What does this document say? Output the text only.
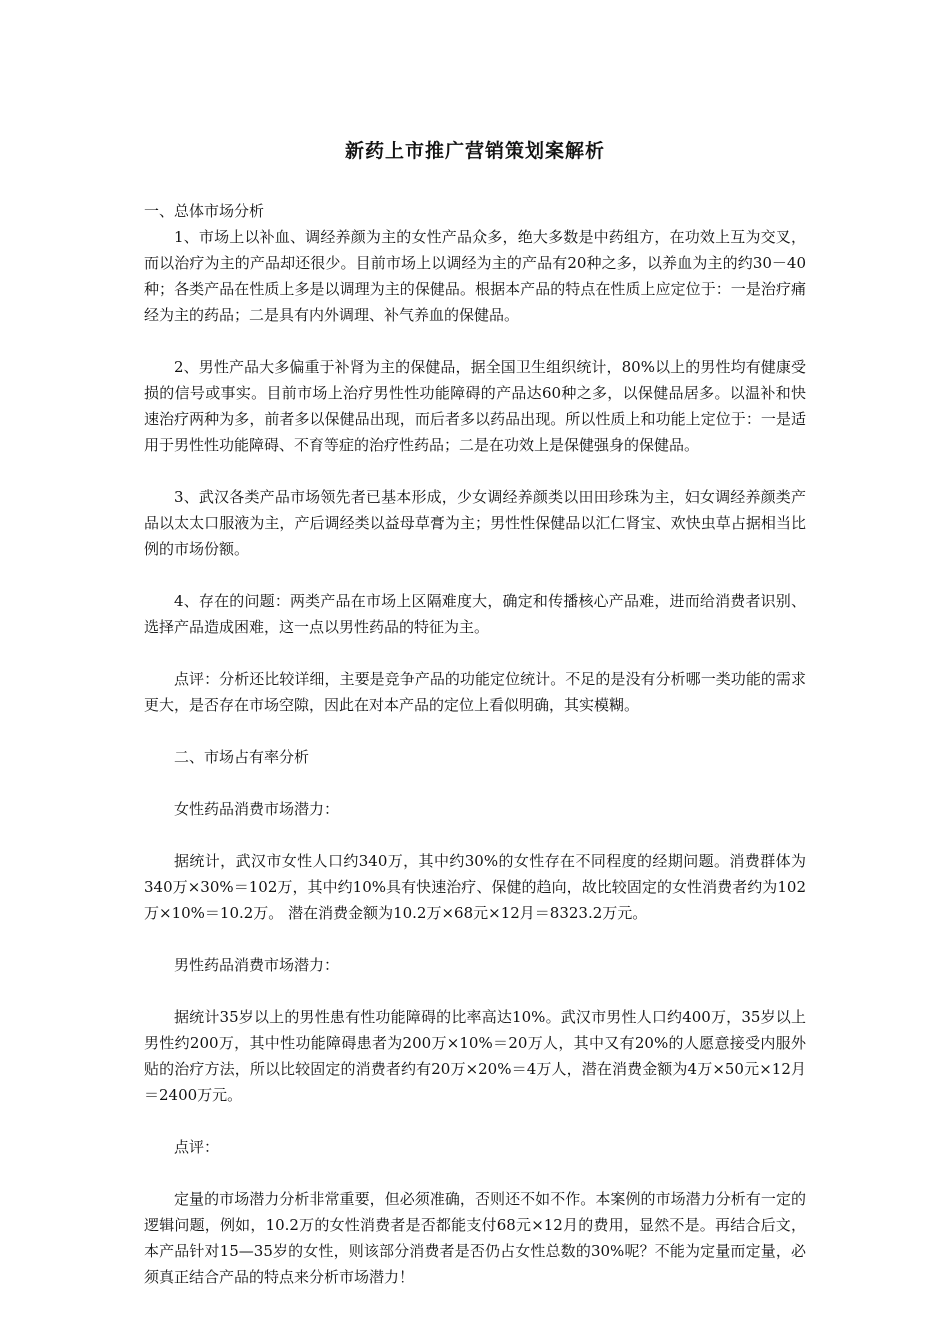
新药上市推广营销策划案解析
一、总体市场分析

1、市场上以补血、调经养颜为主的女性产品众多，绝大多数是中药组方，在功效上互为交叉，而以治疗为主的产品却还很少。目前市场上以调经为主的产品有20种之多，以养血为主的约30－40种；各类产品在性质上多是以调理为主的保健品。根据本产品的特点在性质上应定位于：一是治疗痛经为主的药品；二是具有内外调理、补气养血的保健品。

2、男性产品大多偏重于补肾为主的保健品，据全国卫生组织统计，80%以上的男性均有健康受损的信号或事实。目前市场上治疗男性性功能障碍的产品达60种之多，以保健品居多。以温补和快速治疗两种为多，前者多以保健品出现，而后者多以药品出现。所以性质上和功能上定位于：一是适用于男性性功能障碍、不育等症的治疗性药品；二是在功效上是保健强身的保健品。

3、武汉各类产品市场领先者已基本形成，少女调经养颜类以田田珍珠为主，妇女调经养颜类产品以太太口服液为主，产后调经类以益母草膏为主；男性性保健品以汇仁肾宝、欢快虫草占据相当比例的市场份额。

4、存在的问题：两类产品在市场上区隔难度大，确定和传播核心产品难，进而给消费者识别、选择产品造成困难，这一点以男性药品的特征为主。

点评：分析还比较详细，主要是竞争产品的功能定位统计。不足的是没有分析哪一类功能的需求更大，是否存在市场空隙，因此在对本产品的定位上看似明确，其实模糊。

二、市场占有率分析

女性药品消费市场潜力：

据统计，武汉市女性人口约340万，其中约30%的女性存在不同程度的经期问题。消费群体为340万×30%＝102万，其中约10%具有快速治疗、保健的趋向，故比较固定的女性消费者约为102万×10%＝10.2万。 潜在消费金额为10.2万×68元×12月＝8323.2万元。

男性药品消费市场潜力：

据统计35岁以上的男性患有性功能障碍的比率高达10%。武汉市男性人口约400万，35岁以上男性约200万，其中性功能障碍患者为200万×10%＝20万人，其中又有20%的人愿意接受内服外贴的治疗方法，所以比较固定的消费者约有20万×20%＝4万人，潜在消费金额为4万×50元×12月＝2400万元。

点评：

定量的市场潜力分析非常重要，但必须准确，否则还不如不作。本案例的市场潜力分析有一定的逻辑问题，例如，10.2万的女性消费者是否都能支付68元×12月的费用，显然不是。再结合后文，本产品针对15—35岁的女性，则该部分消费者是否仍占女性总数的30%呢？不能为定量而定量，必须真正结合产品的特点来分析市场潜力！
